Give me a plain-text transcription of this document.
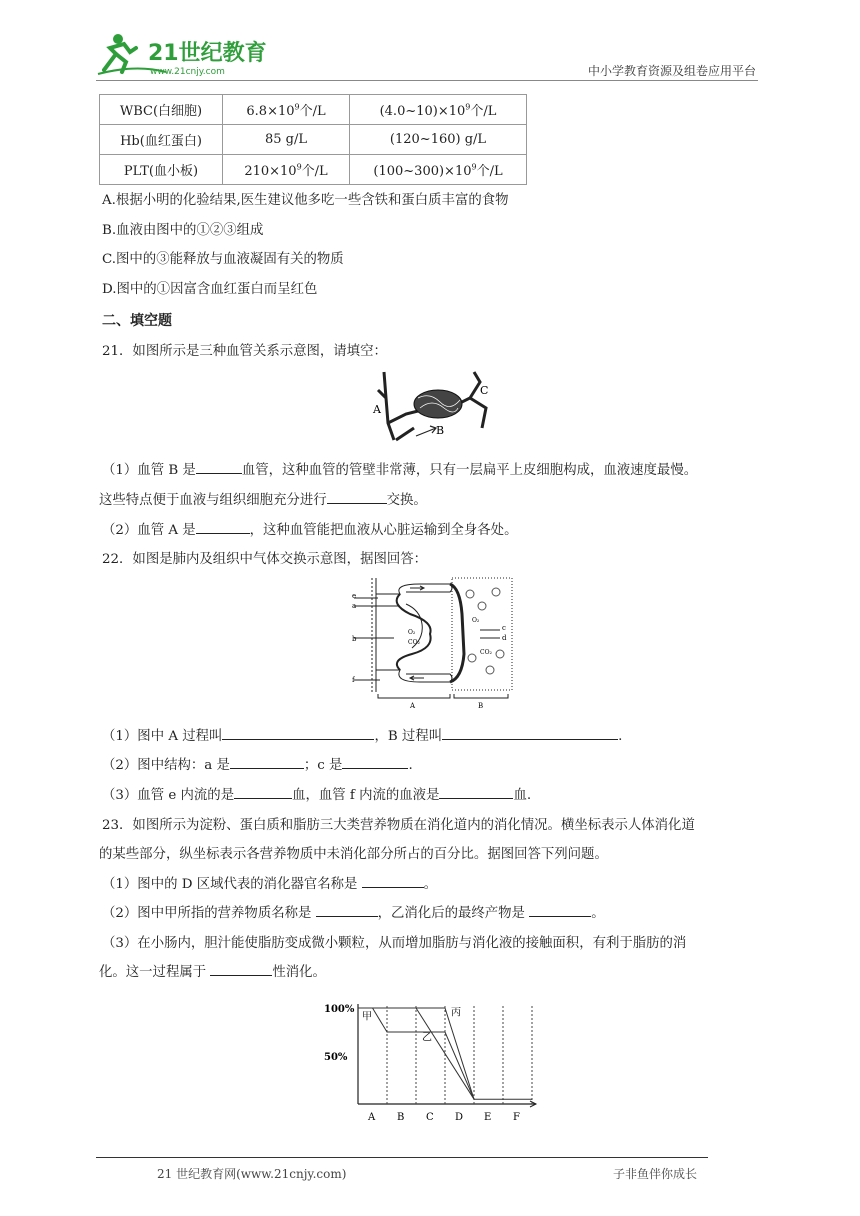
21世纪教育
www.21cnjy.com	中小学教育资源及组卷应用平台
WBC(白细胞)	$6.8\times 10^9$个/L	$(4.0\sim 10)\times 10^9$个/L
Hb(血红蛋白)	85 g/L	(120~160) g/L
PLT(血小板)	$210\times 10^9$个/L	$(100\sim 300)\times 10^9$个/L
A.根据小明的化验结果,医生建议他多吃一些含铁和蛋白质丰富的食物
B.血液由图中的①②③组成
C.图中的③能释放与血液凝固有关的物质
D.图中的①因富含血红蛋白而呈红色
二、填空题
21．如图所示是三种血管关系示意图，请填空：
A
B
C
（1）血管 B 是	血管，这种血管的管壁非常薄，只有一层扁平上皮细胞构成，血液速度最慢。
这些特点便于血液与组织细胞充分进行	交换。
（2）血管 A 是	，这种血管能把血液从心脏运输到全身各处。
22．如图是肺内及组织中气体交换示意图，据图回答：
e
a
b
f
c
d
O₂
CO₂
O₂
CO₂
A	B
（1）图中 A 过程叫	，B 过程叫	.
（2）图中结构：a 是	；c 是	.
（3）血管 e 内流的是	血，血管 f 内流的血液是	血.
23．如图所示为淀粉、蛋白质和脂肪三大类营养物质在消化道内的消化情况。横坐标表示人体消化道
的某些部分，纵坐标表示各营养物质中未消化部分所占的百分比。据图回答下列问题。
（1）图中的 D 区域代表的消化器官名称是	。
（2）图中甲所指的营养物质名称是	，乙消化后的最终产物是	。
（3）在小肠内，胆汁能使脂肪变成微小颗粒，从而增加脂肪与消化液的接触面积，有利于脂肪的消
化。这一过程属于	性消化。
100%
50%
A B C D E F
甲
乙
丙
21 世纪教育网(www.21cnjy.com)	子非鱼伴你成长
